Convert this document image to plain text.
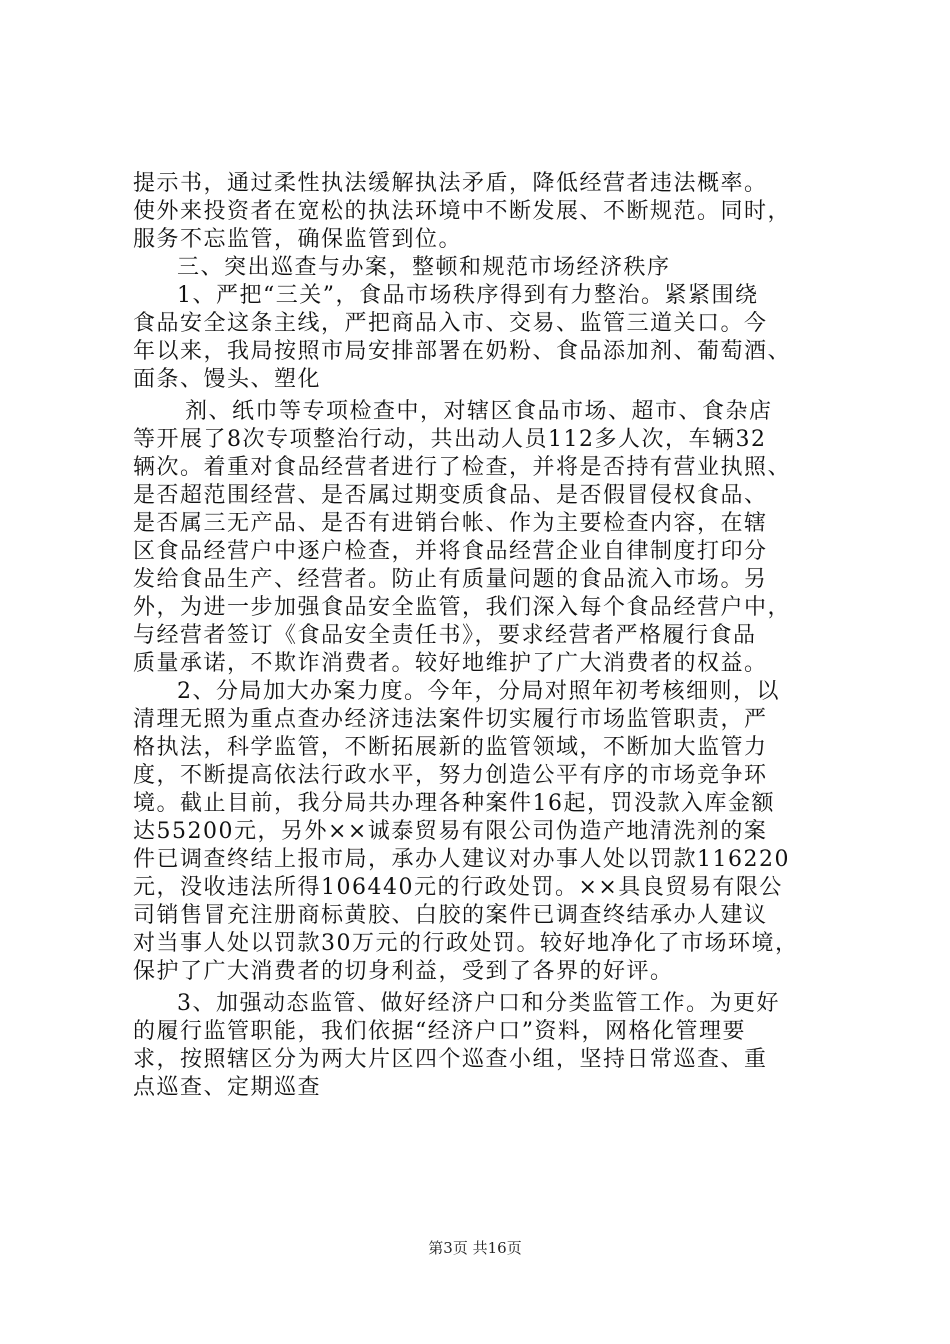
提示书，通过柔性执法缓解执法矛盾，降低经营者违法概率。
使外来投资者在宽松的执法环境中不断发展、不断规范。同时，
服务不忘监管，确保监管到位。
三、突出巡查与办案，整顿和规范市场经济秩序
1、严把“三关”，食品市场秩序得到有力整治。紧紧围绕
食品安全这条主线，严把商品入市、交易、监管三道关口。今
年以来，我局按照市局安排部署在奶粉、食品添加剂、葡萄酒、
面条、馒头、塑化
剂、纸巾等专项检查中，对辖区食品市场、超市、食杂店
等开展了8次专项整治行动，共出动人员112多人次，车辆32
辆次。着重对食品经营者进行了检查，并将是否持有营业执照、
是否超范围经营、是否属过期变质食品、是否假冒侵权食品、
是否属三无产品、是否有进销台帐、作为主要检查内容，在辖
区食品经营户中逐户检查，并将食品经营企业自律制度打印分
发给食品生产、经营者。防止有质量问题的食品流入市场。另
外，为进一步加强食品安全监管，我们深入每个食品经营户中，
与经营者签订《食品安全责任书》，要求经营者严格履行食品
质量承诺，不欺诈消费者。较好地维护了广大消费者的权益。
2、分局加大办案力度。今年，分局对照年初考核细则，以
清理无照为重点查办经济违法案件切实履行市场监管职责，严
格执法，科学监管，不断拓展新的监管领域，不断加大监管力
度，不断提高依法行政水平，努力创造公平有序的市场竞争环
境。截止目前，我分局共办理各种案件16起，罚没款入库金额
达55200元，另外××诚泰贸易有限公司伪造产地清洗剂的案
件已调查终结上报市局，承办人建议对办事人处以罚款116220
元，没收违法所得106440元的行政处罚。××具良贸易有限公
司销售冒充注册商标黄胶、白胶的案件已调查终结承办人建议
对当事人处以罚款30万元的行政处罚。较好地净化了市场环境，
保护了广大消费者的切身利益，受到了各界的好评。
3、加强动态监管、做好经济户口和分类监管工作。为更好
的履行监管职能，我们依据“经济户口”资料，网格化管理要
求，按照辖区分为两大片区四个巡查小组，坚持日常巡查、重
点巡查、定期巡查
第3页 共16页
